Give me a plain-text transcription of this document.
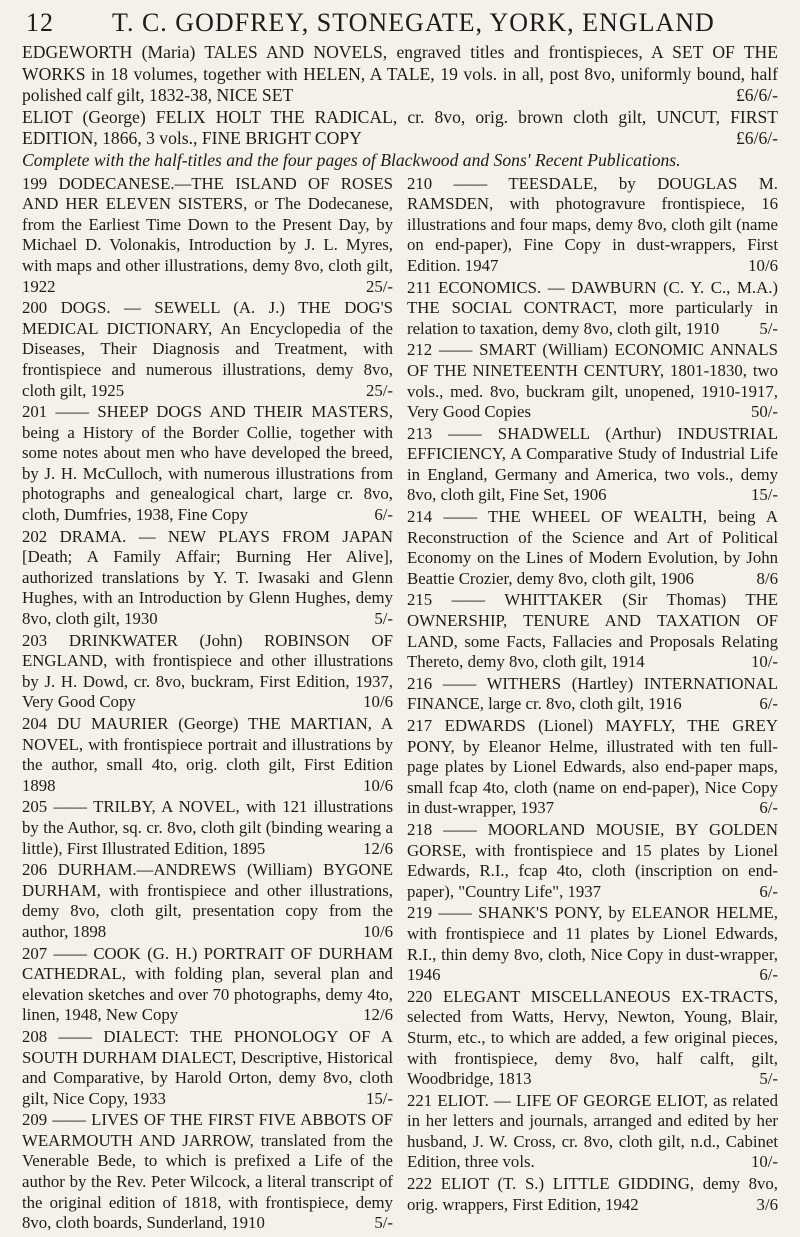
12 T. C. GODFREY, STONEGATE, YORK, ENGLAND

EDGEWORTH (Maria) TALES AND NOVELS, engraved titles and frontispieces, A SET OF THE WORKS in 18 volumes, together with HELEN, A TALE, 19 vols. in all, post 8vo, uniformly bound, half polished calf gilt, 1832-38, NICE SET	£6/6/-

ELIOT (George) FELIX HOLT THE RADICAL, cr. 8vo, orig. brown cloth gilt, UNCUT, FIRST EDITION, 1866, 3 vols., FINE BRIGHT COPY	£6/6/-

Complete with the half-titles and the four pages of Blackwood and Sons' Recent Publications.

199 DODECANESE.—THE ISLAND OF ROSES AND HER ELEVEN SISTERS, or The Dodecanese, from the Earliest Time Down to the Present Day, by Michael D. Volonakis, Introduction by J. L. Myres, with maps and other illustrations, demy 8vo, cloth gilt, 1922	25/-

200 DOGS. — SEWELL (A. J.) THE DOG'S MEDICAL DICTIONARY, An Encyclopedia of the Diseases, Their Diagnosis and Treatment, with frontispiece and numerous illustrations, demy 8vo, cloth gilt, 1925	25/-

201 —— SHEEP DOGS AND THEIR MASTERS, being a History of the Border Collie, together with some notes about men who have developed the breed, by J. H. McCulloch, with numerous illustrations from photographs and genealogical chart, large cr. 8vo, cloth, Dumfries, 1938, Fine Copy	6/-

202 DRAMA. — NEW PLAYS FROM JAPAN [Death; A Family Affair; Burning Her Alive], authorized translations by Y. T. Iwasaki and Glenn Hughes, with an Introduction by Glenn Hughes, demy 8vo, cloth gilt, 1930	5/-

203 DRINKWATER (John) ROBINSON OF ENGLAND, with frontispiece and other illustrations by J. H. Dowd, cr. 8vo, buckram, First Edition, 1937, Very Good Copy	10/6

204 DU MAURIER (George) THE MARTIAN, A NOVEL, with frontispiece portrait and illustrations by the author, small 4to, orig. cloth gilt, First Edition 1898	10/6

205 —— TRILBY, A NOVEL, with 121 illustrations by the Author, sq. cr. 8vo, cloth gilt (binding wearing a little), First Illustrated Edition, 1895	12/6

206 DURHAM.—ANDREWS (William) BYGONE DURHAM, with frontispiece and other illustrations, demy 8vo, cloth gilt, presentation copy from the author, 1898	10/6

207 —— COOK (G. H.) PORTRAIT OF DURHAM CATHEDRAL, with folding plan, several plan and elevation sketches and over 70 photographs, demy 4to, linen, 1948, New Copy	12/6

208 —— DIALECT: THE PHONOLOGY OF A SOUTH DURHAM DIALECT, Descriptive, Historical and Comparative, by Harold Orton, demy 8vo, cloth gilt, Nice Copy, 1933	15/-

209 —— LIVES OF THE FIRST FIVE ABBOTS OF WEARMOUTH AND JARROW, translated from the Venerable Bede, to which is prefixed a Life of the author by the Rev. Peter Wilcock, a literal transcript of the original edition of 1818, with frontispiece, demy 8vo, cloth boards, Sunderland, 1910	5/-

210 —— TEESDALE, by DOUGLAS M. RAMSDEN, with photogravure frontispiece, 16 illustrations and four maps, demy 8vo, cloth gilt (name on end-paper), Fine Copy in dust-wrappers, First Edition. 1947	10/6

211 ECONOMICS. — DAWBURN (C. Y. C., M.A.) THE SOCIAL CONTRACT, more particularly in relation to taxation, demy 8vo, cloth gilt, 1910 5/-

212 —— SMART (William) ECONOMIC ANNALS OF THE NINETEENTH CENTURY, 1801-1830, two vols., med. 8vo, buckram gilt, unopened, 1910-1917, Very Good Copies	50/-

213 —— SHADWELL (Arthur) INDUSTRIAL EFFICIENCY, A Comparative Study of Industrial Life in England, Germany and America, two vols., demy 8vo, cloth gilt, Fine Set, 1906	15/-

214 —— THE WHEEL OF WEALTH, being A Reconstruction of the Science and Art of Political Economy on the Lines of Modern Evolution, by John Beattie Crozier, demy 8vo, cloth gilt, 1906	8/6

215 —— WHITTAKER (Sir Thomas) THE OWNERSHIP, TENURE AND TAXATION OF LAND, some Facts, Fallacies and Proposals Relating Thereto, demy 8vo, cloth gilt, 1914	10/-

216 —— WITHERS (Hartley) INTERNATIONAL FINANCE, large cr. 8vo, cloth gilt, 1916	6/-

217 EDWARDS (Lionel) MAYFLY, THE GREY PONY, by Eleanor Helme, illustrated with ten full-page plates by Lionel Edwards, also end-paper maps, small fcap 4to, cloth (name on end-paper), Nice Copy in dust-wrapper, 1937	6/-

218 —— MOORLAND MOUSIE, BY GOLDEN GORSE, with frontispiece and 15 plates by Lionel Edwards, R.I., fcap 4to, cloth (inscription on end-paper), "Country Life", 1937	6/-

219 —— SHANK'S PONY, by ELEANOR HELME, with frontispiece and 11 plates by Lionel Edwards, R.I., thin demy 8vo, cloth, Nice Copy in dust-wrapper, 1946	6/-

220 ELEGANT MISCELLANEOUS EX-TRACTS, selected from Watts, Hervy, Newton, Young, Blair, Sturm, etc., to which are added, a few original pieces, with frontispiece, demy 8vo, half calft, gilt, Woodbridge, 1813	5/-

221 ELIOT. — LIFE OF GEORGE ELIOT, as related in her letters and journals, arranged and edited by her husband, J. W. Cross, cr. 8vo, cloth gilt, n.d., Cabinet Edition, three vols.	10/-

222 ELIOT (T. S.) LITTLE GIDDING, demy 8vo, orig. wrappers, First Edition, 1942	3/6
